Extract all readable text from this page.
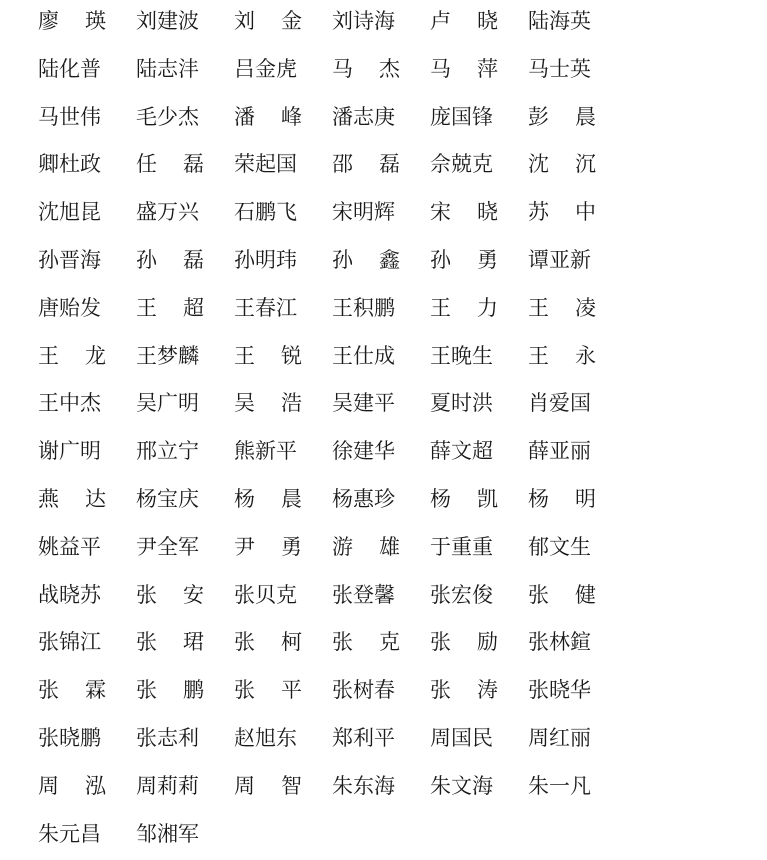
廖 瑛 刘建波 刘 金 刘诗海 卢 晓 陆海英
陆化普 陆志沣 吕金虎 马 杰 马 萍 马士英
马世伟 毛少杰 潘 峰 潘志庚 庞国锋 彭 晨
卿杜政 任 磊 荣起国 邵 磊 佘兢克 沈 沉
沈旭昆 盛万兴 石鹏飞 宋明辉 宋 晓 苏 中
孙晋海 孙 磊 孙明玮 孙 鑫 孙 勇 谭亚新
唐贻发 王 超 王春江 王积鹏 王 力 王 凌
王 龙 王梦麟 王 锐 王仕成 王晚生 王 永
王中杰 吴广明 吴 浩 吴建平 夏时洪 肖爱国
谢广明 邢立宁 熊新平 徐建华 薛文超 薛亚丽
燕 达 杨宝庆 杨 晨 杨惠珍 杨 凯 杨 明
姚益平 尹全军 尹 勇 游 雄 于重重 郁文生
战晓苏 张 安 张贝克 张登馨 张宏俊 张 健
张锦江 张 珺 张 柯 张 克 张 励 张林鍹
张 霖 张 鹏 张 平 张树春 张 涛 张晓华
张晓鹏 张志利 赵旭东 郑利平 周国民 周红丽
周 泓 周莉莉 周 智 朱东海 朱文海 朱一凡
朱元昌 邹湘军
